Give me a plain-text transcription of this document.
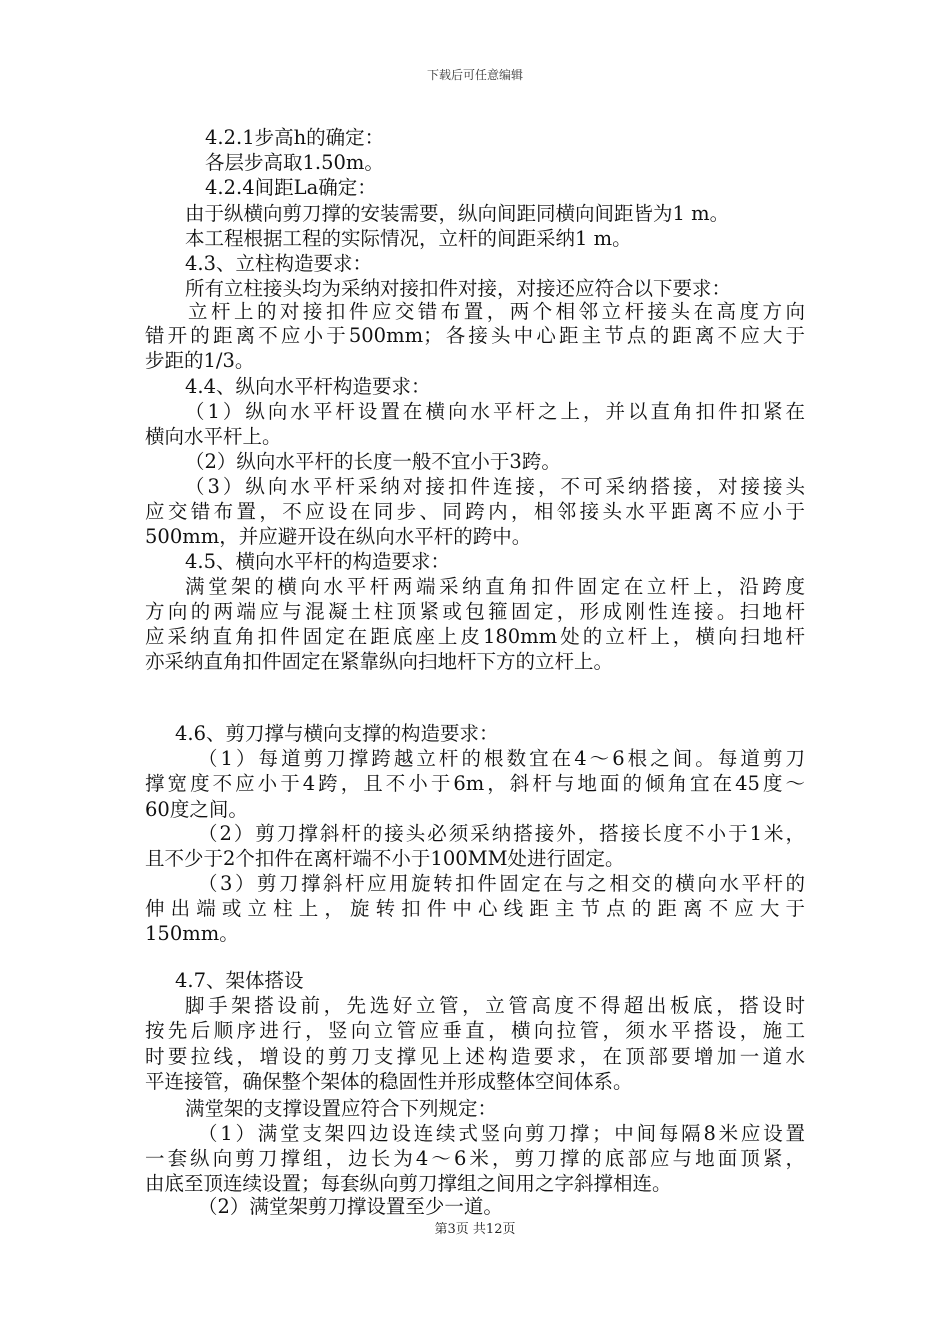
下载后可任意编辑
4.2.1步高h的确定：
各层步高取1.50m。
4.2.4间距La确定：
由于纵横向剪刀撑的安装需要，纵向间距同横向间距皆为1 m。
本工程根据工程的实际情况，立杆的间距采纳1 m。
4.3、立柱构造要求：
所有立柱接头均为采纳对接扣件对接，对接还应符合以下要求：
立杆上的对接扣件应交错布置，两个相邻立杆接头在高度方向
错开的距离不应小于500mm；各接头中心距主节点的距离不应大于
步距的1/3。
4.4、纵向水平杆构造要求：
（1）纵向水平杆设置在横向水平杆之上，并以直角扣件扣紧在
横向水平杆上。
（2）纵向水平杆的长度一般不宜小于3跨。
（3）纵向水平杆采纳对接扣件连接，不可采纳搭接，对接接头
应交错布置，不应设在同步、同跨内，相邻接头水平距离不应小于
500mm，并应避开设在纵向水平杆的跨中。
4.5、横向水平杆的构造要求：
满堂架的横向水平杆两端采纳直角扣件固定在立杆上，沿跨度
方向的两端应与混凝土柱顶紧或包箍固定，形成刚性连接。扫地杆
应采纳直角扣件固定在距底座上皮180mm处的立杆上，横向扫地杆
亦采纳直角扣件固定在紧靠纵向扫地杆下方的立杆上。
4.6、剪刀撑与横向支撑的构造要求：
（1）每道剪刀撑跨越立杆的根数宜在4～6根之间。每道剪刀
撑宽度不应小于4跨，且不小于6m，斜杆与地面的倾角宜在45度～
60度之间。
（2）剪刀撑斜杆的接头必须采纳搭接外，搭接长度不小于1米，
且不少于2个扣件在离杆端不小于100MM处进行固定。
（3）剪刀撑斜杆应用旋转扣件固定在与之相交的横向水平杆的
伸出端或立柱上，旋转扣件中心线距主节点的距离不应大于
150mm。
4.7、架体搭设
脚手架搭设前，先选好立管，立管高度不得超出板底，搭设时
按先后顺序进行，竖向立管应垂直，横向拉管，须水平搭设，施工
时要拉线，增设的剪刀支撑见上述构造要求，在顶部要增加一道水
平连接管，确保整个架体的稳固性并形成整体空间体系。
满堂架的支撑设置应符合下列规定：
（1）满堂支架四边设连续式竖向剪刀撑；中间每隔8米应设置
一套纵向剪刀撑组，边长为4～6米，剪刀撑的底部应与地面顶紧，
由底至顶连续设置；每套纵向剪刀撑组之间用之字斜撑相连。
（2）满堂架剪刀撑设置至少一道。
第3页 共12页
